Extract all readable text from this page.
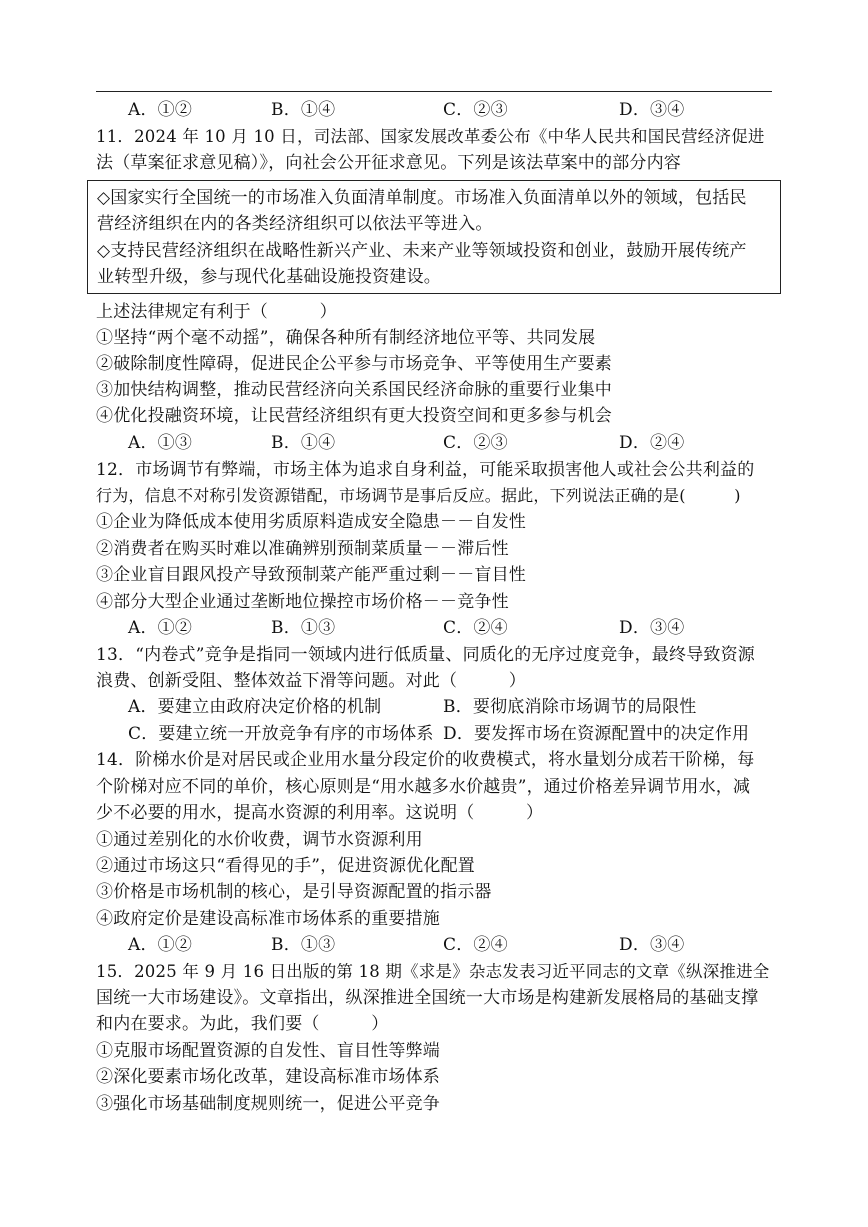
A．①②	B．①④	C．②③	D．③④
11．2024 年 10 月 10 日，司法部、国家发展改革委公布《中华人民共和国民营经济促进
法（草案征求意见稿）》，向社会公开征求意见。下列是该法草案中的部分内容
◇国家实行全国统一的市场准入负面清单制度。市场准入负面清单以外的领域，包括民
营经济组织在内的各类经济组织可以依法平等进入。
◇支持民营经济组织在战略性新兴产业、未来产业等领域投资和创业，鼓励开展传统产
业转型升级，参与现代化基础设施投资建设。
上述法律规定有利于（　　　）
①坚持“两个毫不动摇”，确保各种所有制经济地位平等、共同发展
②破除制度性障碍，促进民企公平参与市场竞争、平等使用生产要素
③加快结构调整，推动民营经济向关系国民经济命脉的重要行业集中
④优化投融资环境，让民营经济组织有更大投资空间和更多参与机会
A．①③	B．①④	C．②③	D．②④
12．市场调节有弊端，市场主体为追求自身利益，可能采取损害他人或社会公共利益的
行为，信息不对称引发资源错配，市场调节是事后反应。据此，下列说法正确的是(　　　)
①企业为降低成本使用劣质原料造成安全隐患－－自发性
②消费者在购买时难以准确辨别预制菜质量－－滞后性
③企业盲目跟风投产导致预制菜产能严重过剩－－盲目性
④部分大型企业通过垄断地位操控市场价格－－竞争性
A．①②	B．①③	C．②④	D．③④
13．“内卷式”竞争是指同一领域内进行低质量、同质化的无序过度竞争，最终导致资源
浪费、创新受阻、整体效益下滑等问题。对此（　　　）
A．要建立由政府决定价格的机制	B．要彻底消除市场调节的局限性
C．要建立统一开放竞争有序的市场体系 D．要发挥市场在资源配置中的决定作用
14．阶梯水价是对居民或企业用水量分段定价的收费模式，将水量划分成若干阶梯，每
个阶梯对应不同的单价，核心原则是“用水越多水价越贵”，通过价格差异调节用水，减
少不必要的用水，提高水资源的利用率。这说明（　　　）
①通过差别化的水价收费，调节水资源利用
②通过市场这只“看得见的手”，促进资源优化配置
③价格是市场机制的核心，是引导资源配置的指示器
④政府定价是建设高标准市场体系的重要措施
A．①②	B．①③	C．②④	D．③④
15．2025 年 9 月 16 日出版的第 18 期《求是》杂志发表习近平同志的文章《纵深推进全
国统一大市场建设》。文章指出，纵深推进全国统一大市场是构建新发展格局的基础支撑
和内在要求。为此，我们要（　　　）
①克服市场配置资源的自发性、盲目性等弊端
②深化要素市场化改革，建设高标准市场体系
③强化市场基础制度规则统一，促进公平竞争
